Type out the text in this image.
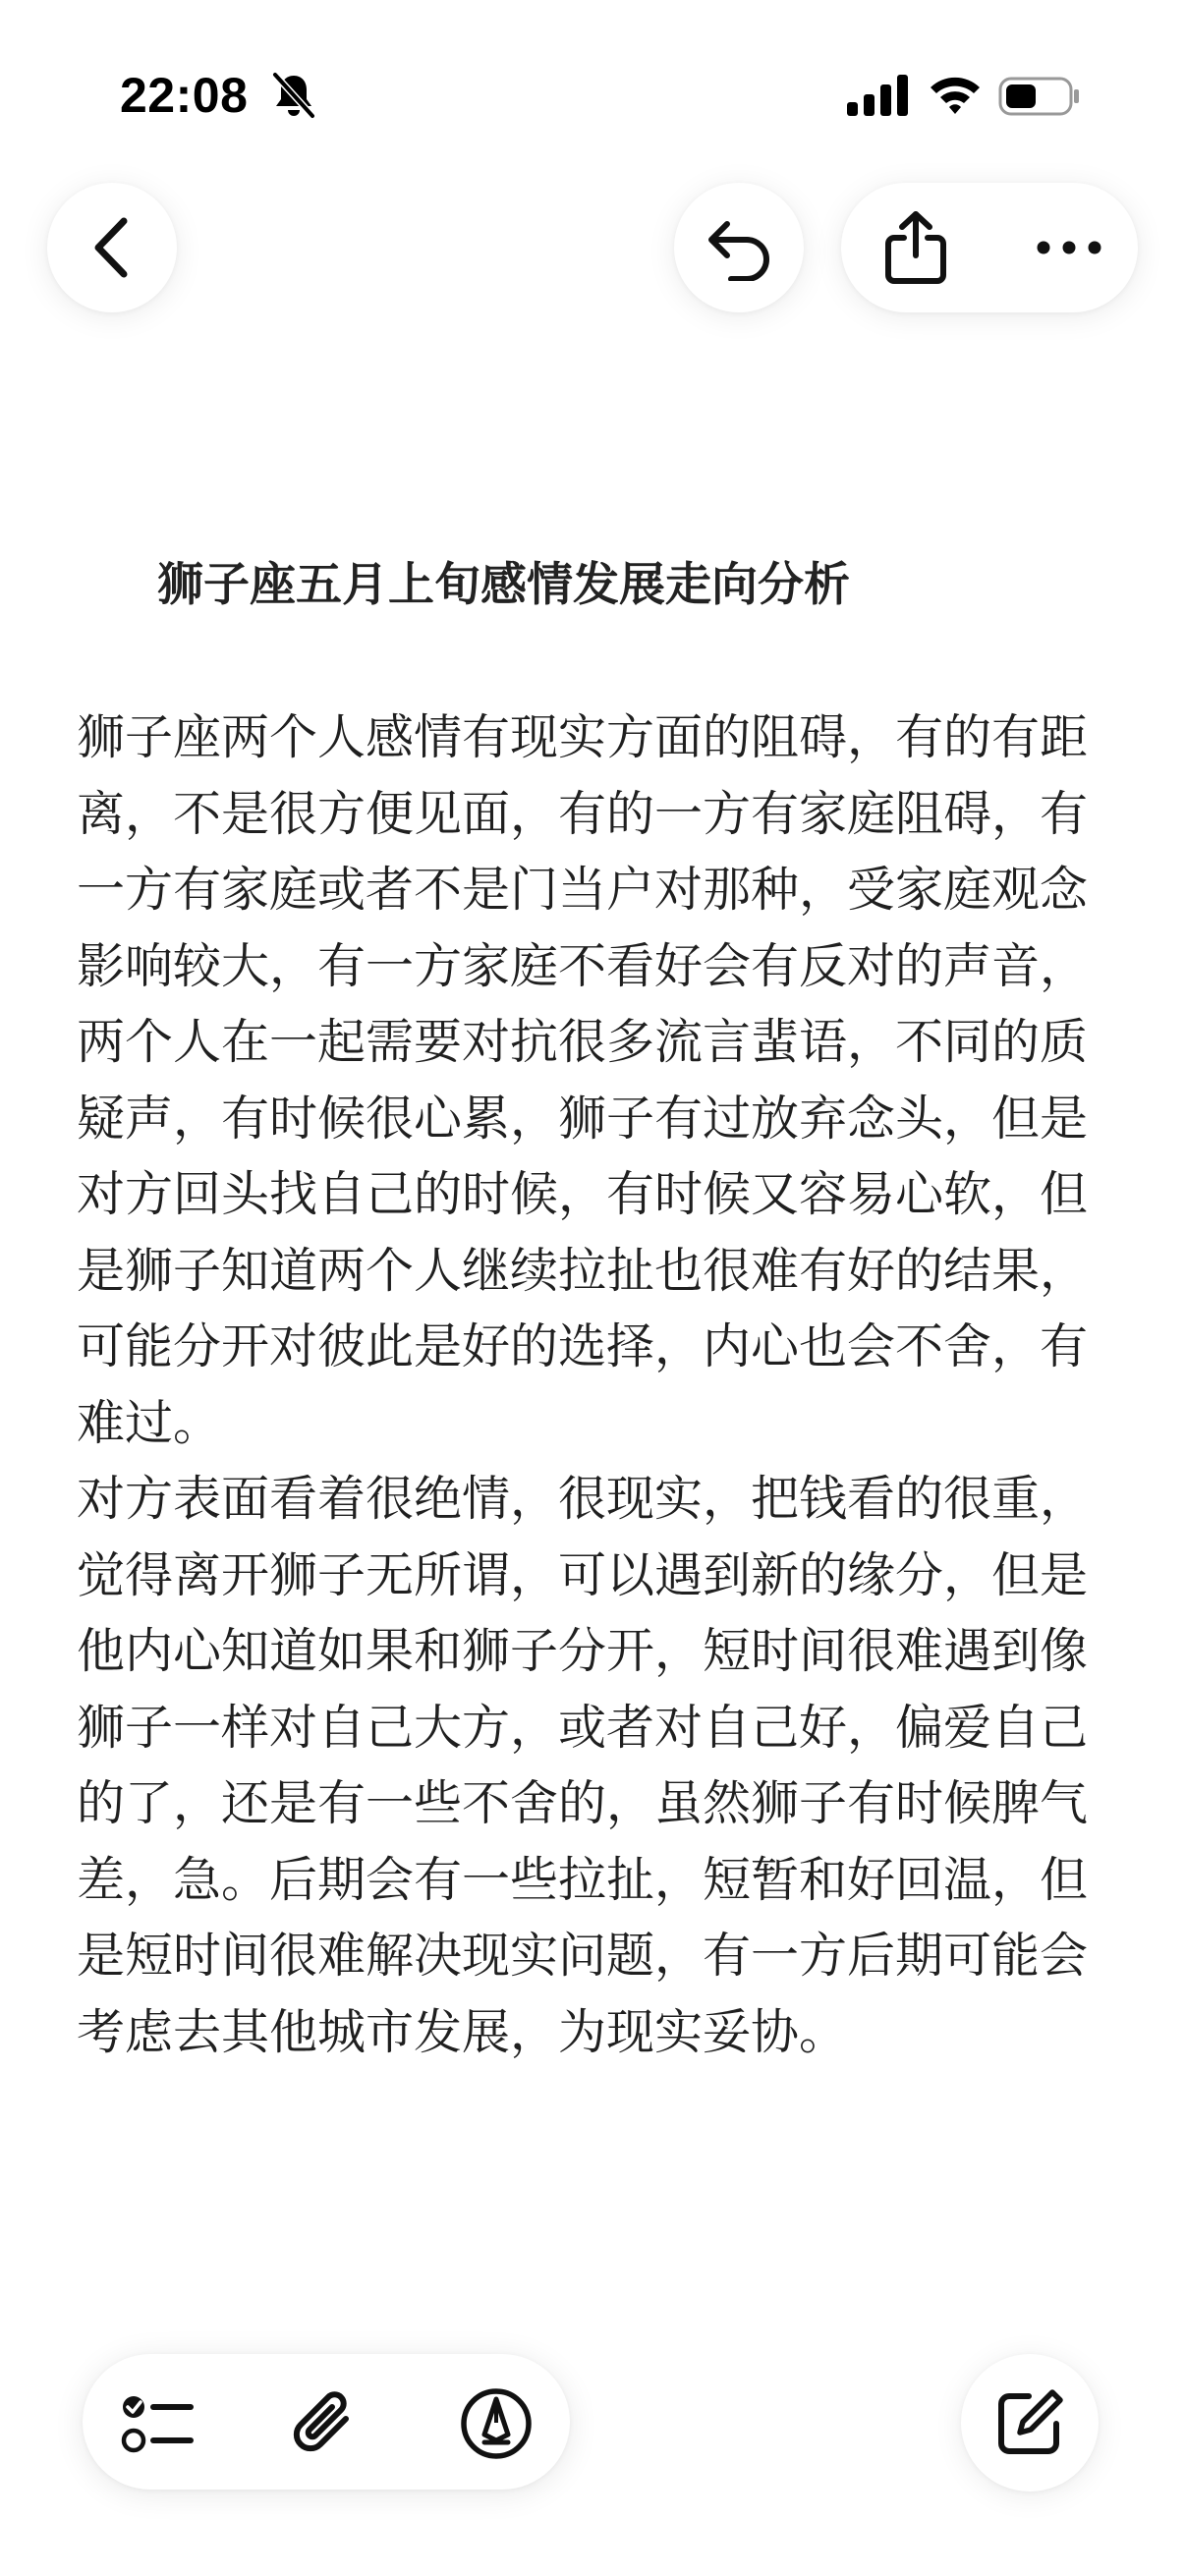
22:08
狮子座五月上旬感情发展走向分析

狮子座两个人感情有现实方面的阻碍，有的有距离，不是很方便见面，有的一方有家庭阻碍，有一方有家庭或者不是门当户对那种，受家庭观念影响较大，有一方家庭不看好会有反对的声音，两个人在一起需要对抗很多流言蜚语，不同的质疑声，有时候很心累，狮子有过放弃念头，但是对方回头找自己的时候，有时候又容易心软，但是狮子知道两个人继续拉扯也很难有好的结果，可能分开对彼此是好的选择，内心也会不舍，有难过。

对方表面看着很绝情，很现实，把钱看的很重，觉得离开狮子无所谓，可以遇到新的缘分，但是他内心知道如果和狮子分开，短时间很难遇到像狮子一样对自己大方，或者对自己好，偏爱自己的了，还是有一些不舍的，虽然狮子有时候脾气差，急。后期会有一些拉扯，短暂和好回温，但是短时间很难解决现实问题，有一方后期可能会考虑去其他城市发展，为现实妥协。
